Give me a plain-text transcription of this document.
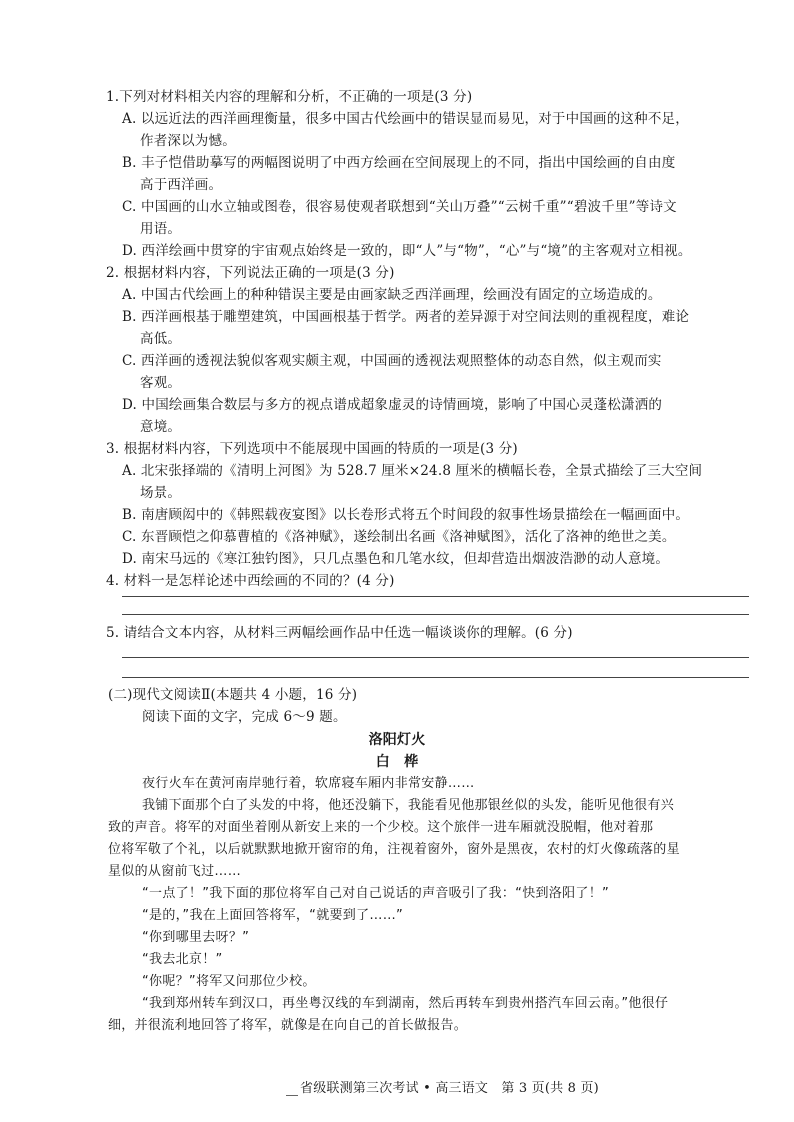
1.下列对材料相关内容的理解和分析，不正确的一项是(3 分)
A. 以远近法的西洋画理衡量，很多中国古代绘画中的错误显而易见，对于中国画的这种不足，
作者深以为憾。
B. 丰子恺借助摹写的两幅图说明了中西方绘画在空间展现上的不同，指出中国绘画的自由度
高于西洋画。
C. 中国画的山水立轴或图卷，很容易使观者联想到“关山万叠”“云树千重”“碧波千里”等诗文
用语。
D. 西洋绘画中贯穿的宇宙观点始终是一致的，即“人”与“物”，“心”与“境”的主客观对立相视。
2. 根据材料内容，下列说法正确的一项是(3 分)
A. 中国古代绘画上的种种错误主要是由画家缺乏西洋画理，绘画没有固定的立场造成的。
B. 西洋画根基于雕塑建筑，中国画根基于哲学。两者的差异源于对空间法则的重视程度，难论
高低。
C. 西洋画的透视法貌似客观实颇主观，中国画的透视法观照整体的动态自然，似主观而实
客观。
D. 中国绘画集合数层与多方的视点谱成超象虚灵的诗情画境，影响了中国心灵蓬松潇洒的
意境。
3. 根据材料内容，下列选项中不能展现中国画的特质的一项是(3 分)
A. 北宋张择端的《清明上河图》为 528.7 厘米×24.8 厘米的横幅长卷，全景式描绘了三大空间
场景。
B. 南唐顾闳中的《韩熙载夜宴图》以长卷形式将五个时间段的叙事性场景描绘在一幅画面中。
C. 东晋顾恺之仰慕曹植的《洛神赋》，遂绘制出名画《洛神赋图》，活化了洛神的绝世之美。
D. 南宋马远的《寒江独钓图》，只几点墨色和几笔水纹，但却营造出烟波浩渺的动人意境。
4. 材料一是怎样论述中西绘画的不同的？(4 分)
5. 请结合文本内容，从材料三两幅绘画作品中任选一幅谈谈你的理解。(6 分)
(二)现代文阅读Ⅱ(本题共 4 小题，16 分)
阅读下面的文字，完成 6～9 题。
洛阳灯火
白　桦
夜行火车在黄河南岸驰行着，软席寝车厢内非常安静……
我铺下面那个白了头发的中将，他还没躺下，我能看见他那银丝似的头发，能听见他很有兴
致的声音。将军的对面坐着刚从新安上来的一个少校。这个旅伴一进车厢就没脱帽，他对着那
位将军敬了个礼，以后就默默地掀开窗帘的角，注视着窗外，窗外是黑夜，农村的灯火像疏落的星
星似的从窗前飞过……
“一点了！”我下面的那位将军自己对自己说话的声音吸引了我：“快到洛阳了！”
“是的，”我在上面回答将军，“就要到了……”
“你到哪里去呀？”
“我去北京！”
“你呢？”将军又问那位少校。
“我到郑州转车到汉口，再坐粤汉线的车到湖南，然后再转车到贵州搭汽车回云南。”他很仔
细，并很流利地回答了将军，就像是在向自己的首长做报告。
省级联测第三次考试 • 高三语文　第 3 页(共 8 页)
